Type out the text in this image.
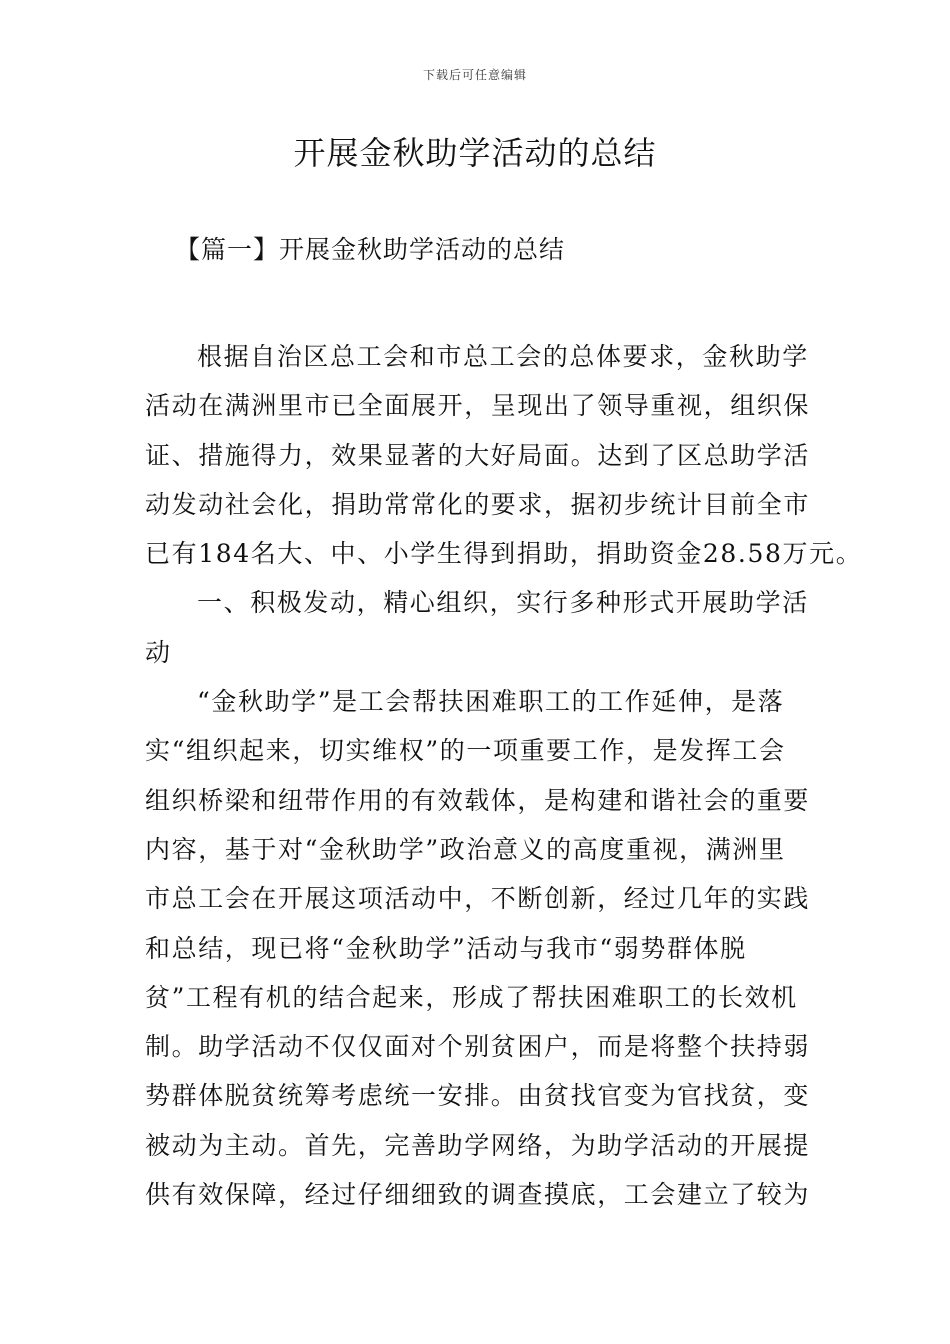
下载后可任意编辑
开展金秋助学活动的总结
【篇一】开展金秋助学活动的总结
根据自治区总工会和市总工会的总体要求，金秋助学
活动在满洲里市已全面展开，呈现出了领导重视，组织保
证、措施得力，效果显著的大好局面。达到了区总助学活
动发动社会化，捐助常常化的要求，据初步统计目前全市
已有184名大、中、小学生得到捐助，捐助资金28.58万元。
一、积极发动，精心组织，实行多种形式开展助学活
动
“金秋助学”是工会帮扶困难职工的工作延伸，是落
实“组织起来，切实维权”的一项重要工作，是发挥工会
组织桥梁和纽带作用的有效载体，是构建和谐社会的重要
内容，基于对“金秋助学”政治意义的高度重视，满洲里
市总工会在开展这项活动中，不断创新，经过几年的实践
和总结，现已将“金秋助学”活动与我市“弱势群体脱
贫”工程有机的结合起来，形成了帮扶困难职工的长效机
制。助学活动不仅仅面对个别贫困户，而是将整个扶持弱
势群体脱贫统筹考虑统一安排。由贫找官变为官找贫，变
被动为主动。首先，完善助学网络，为助学活动的开展提
供有效保障，经过仔细细致的调查摸底，工会建立了较为
